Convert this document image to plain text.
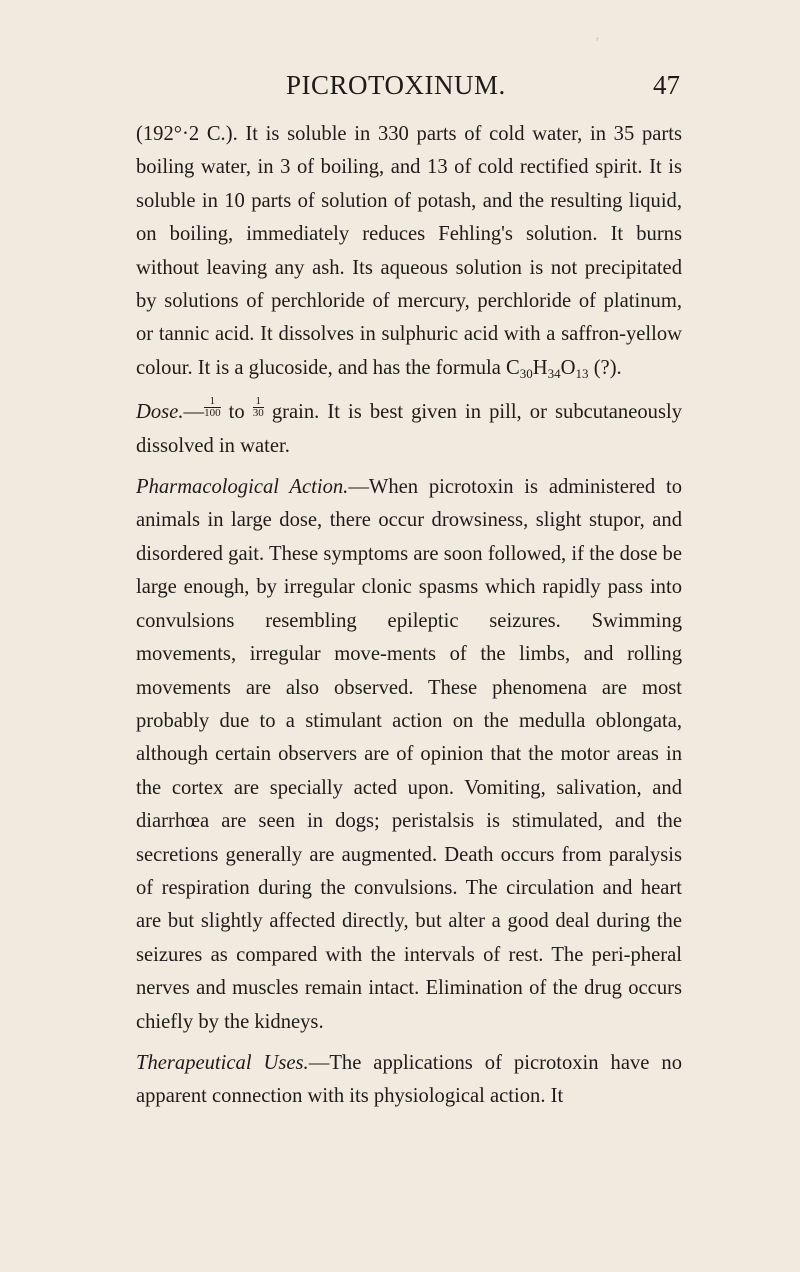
‚
PICROTOXINUM.	47

(192°·2 C.). It is soluble in 330 parts of cold water, in 35 parts boiling water, in 3 of boiling, and 13 of cold rectified spirit. It is soluble in 10 parts of solution of potash, and the resulting liquid, on boiling, immediately reduces Fehling's solution. It burns without leaving any ash. Its aqueous solution is not precipitated by solutions of perchloride of mercury, perchloride of platinum, or tannic acid. It dissolves in sulphuric acid with a saffron-yellow colour. It is a glucoside, and has the formula $C_{30}H_{34}O_{13}$ (?).

Dose.— $\frac{1}{100}$ to $\frac{1}{30}$ grain. It is best given in pill, or subcutaneously dissolved in water.

Pharmacological Action.—When picrotoxin is administered to animals in large dose, there occur drowsiness, slight stupor, and disordered gait. These symptoms are soon followed, if the dose be large enough, by irregular clonic spasms which rapidly pass into convulsions resembling epileptic seizures. Swimming movements, irregular move-ments of the limbs, and rolling movements are also observed. These phenomena are most probably due to a stimulant action on the medulla oblongata, although certain observers are of opinion that the motor areas in the cortex are specially acted upon. Vomiting, salivation, and diarrhœa are seen in dogs; peristalsis is stimulated, and the secretions generally are augmented. Death occurs from paralysis of respiration during the convulsions. The circulation and heart are but slightly affected directly, but alter a good deal during the seizures as compared with the intervals of rest. The peri-pheral nerves and muscles remain intact. Elimination of the drug occurs chiefly by the kidneys.

Therapeutical Uses.—The applications of picrotoxin have no apparent connection with its physiological action. It
